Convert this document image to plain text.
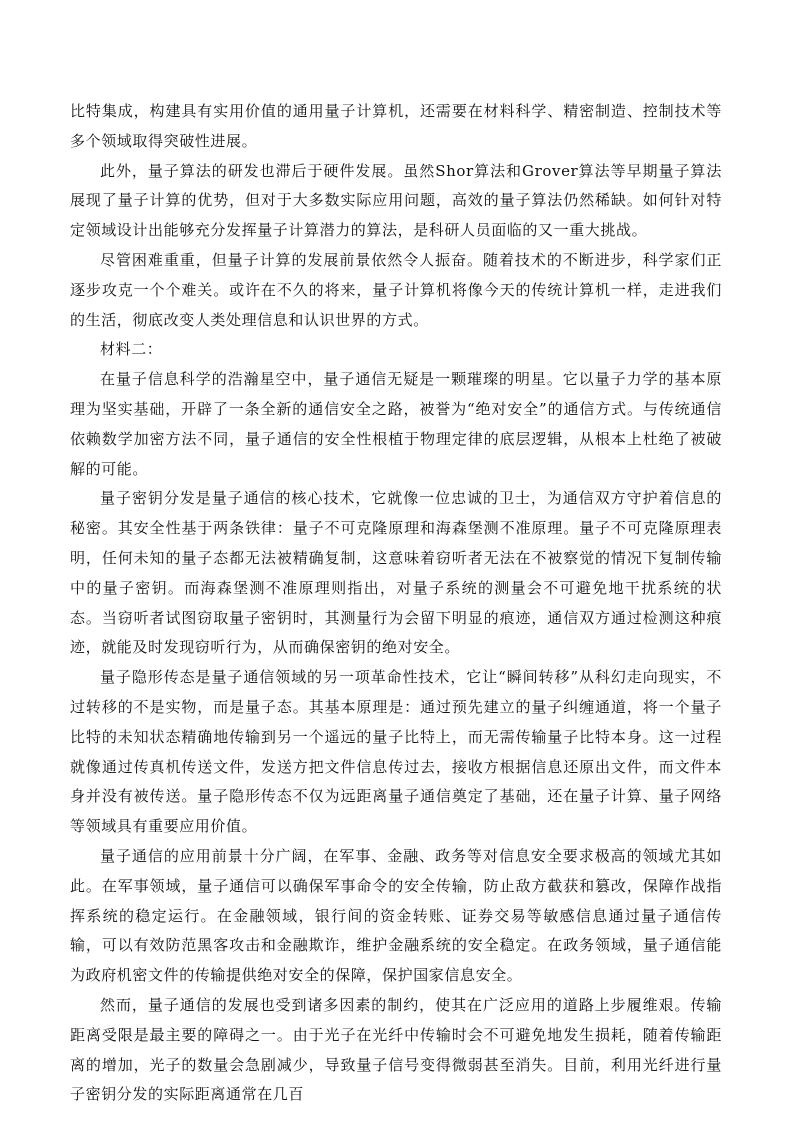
比特集成，构建具有实用价值的通用量子计算机，还需要在材料科学、精密制造、控制技术等多个领域取得突破性进展。

此外，量子算法的研发也滞后于硬件发展。虽然Shor算法和Grover算法等早期量子算法展现了量子计算的优势，但对于大多数实际应用问题，高效的量子算法仍然稀缺。如何针对特定领域设计出能够充分发挥量子计算潜力的算法，是科研人员面临的又一重大挑战。

尽管困难重重，但量子计算的发展前景依然令人振奋。随着技术的不断进步，科学家们正逐步攻克一个个难关。或许在不久的将来，量子计算机将像今天的传统计算机一样，走进我们的生活，彻底改变人类处理信息和认识世界的方式。

材料二：

在量子信息科学的浩瀚星空中，量子通信无疑是一颗璀璨的明星。它以量子力学的基本原理为坚实基础，开辟了一条全新的通信安全之路，被誉为“绝对安全”的通信方式。与传统通信依赖数学加密方法不同，量子通信的安全性根植于物理定律的底层逻辑，从根本上杜绝了被破解的可能。

量子密钥分发是量子通信的核心技术，它就像一位忠诚的卫士，为通信双方守护着信息的秘密。其安全性基于两条铁律：量子不可克隆原理和海森堡测不准原理。量子不可克隆原理表明，任何未知的量子态都无法被精确复制，这意味着窃听者无法在不被察觉的情况下复制传输中的量子密钥。而海森堡测不准原理则指出，对量子系统的测量会不可避免地干扰系统的状态。当窃听者试图窃取量子密钥时，其测量行为会留下明显的痕迹，通信双方通过检测这种痕迹，就能及时发现窃听行为，从而确保密钥的绝对安全。

量子隐形传态是量子通信领域的另一项革命性技术，它让“瞬间转移”从科幻走向现实，不过转移的不是实物，而是量子态。其基本原理是：通过预先建立的量子纠缠通道，将一个量子比特的未知状态精确地传输到另一个遥远的量子比特上，而无需传输量子比特本身。这一过程就像通过传真机传送文件，发送方把文件信息传过去，接收方根据信息还原出文件，而文件本身并没有被传送。量子隐形传态不仅为远距离量子通信奠定了基础，还在量子计算、量子网络等领域具有重要应用价值。

量子通信的应用前景十分广阔，在军事、金融、政务等对信息安全要求极高的领域尤其如此。在军事领域，量子通信可以确保军事命令的安全传输，防止敌方截获和篡改，保障作战指挥系统的稳定运行。在金融领域，银行间的资金转账、证券交易等敏感信息通过量子通信传输，可以有效防范黑客攻击和金融欺诈，维护金融系统的安全稳定。在政务领域，量子通信能为政府机密文件的传输提供绝对安全的保障，保护国家信息安全。

然而，量子通信的发展也受到诸多因素的制约，使其在广泛应用的道路上步履维艰。传输距离受限是最主要的障碍之一。由于光子在光纤中传输时会不可避免地发生损耗，随着传输距离的增加，光子的数量会急剧减少，导致量子信号变得微弱甚至消失。目前，利用光纤进行量子密钥分发的实际距离通常在几百
